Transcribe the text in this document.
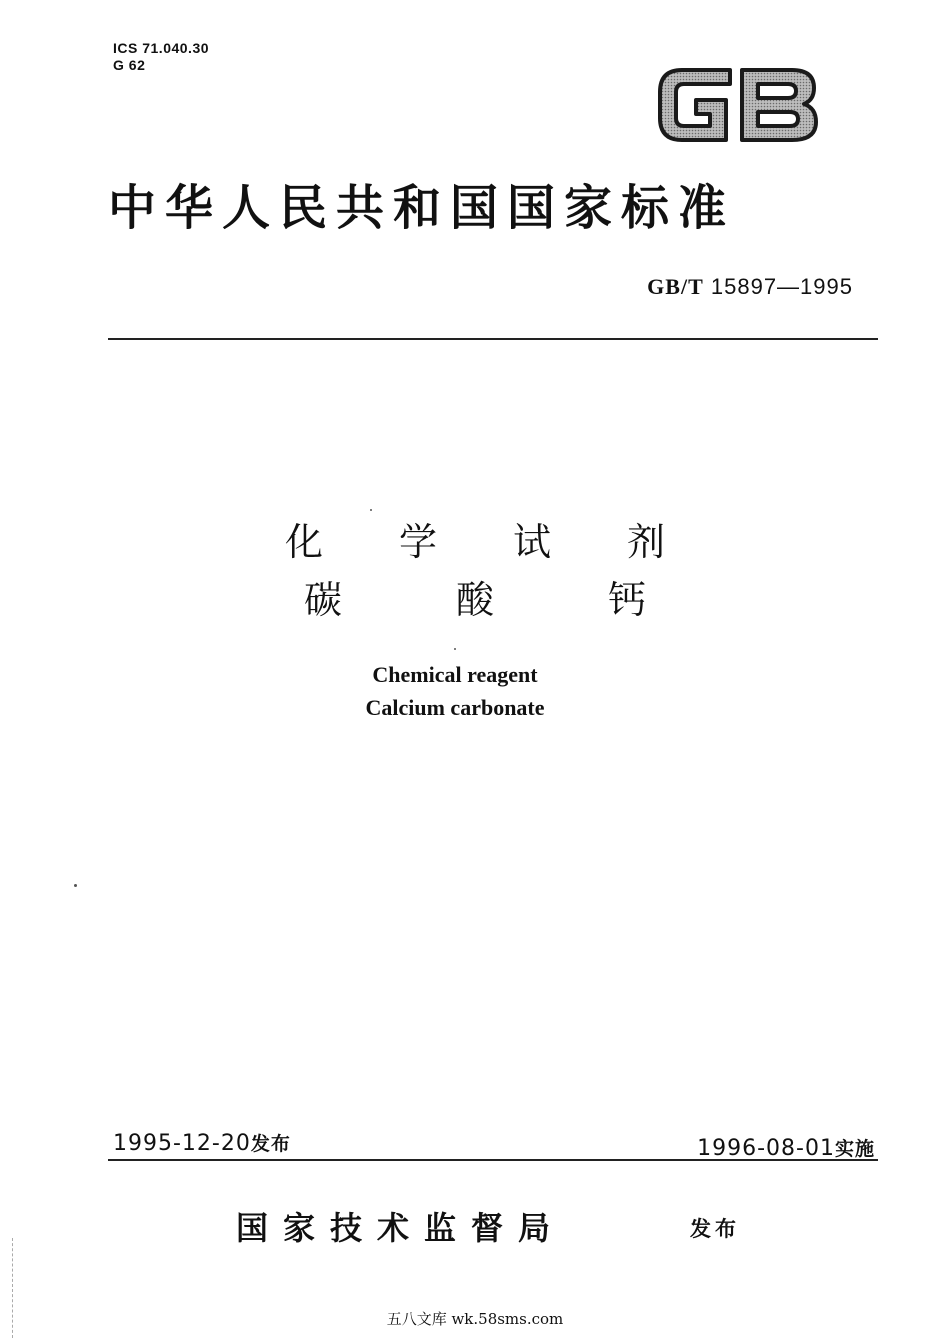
ICS 71.040.30
G 62
中华人民共和国国家标准
GB/T 15897—1995
化　　学　　试　　剂
碳　　　酸　　　钙
Chemical reagent
Calcium carbonate
1995-12-20发布	1996-08-01实施
国家技术监督局	发布
五八文库 wk.58sms.com
